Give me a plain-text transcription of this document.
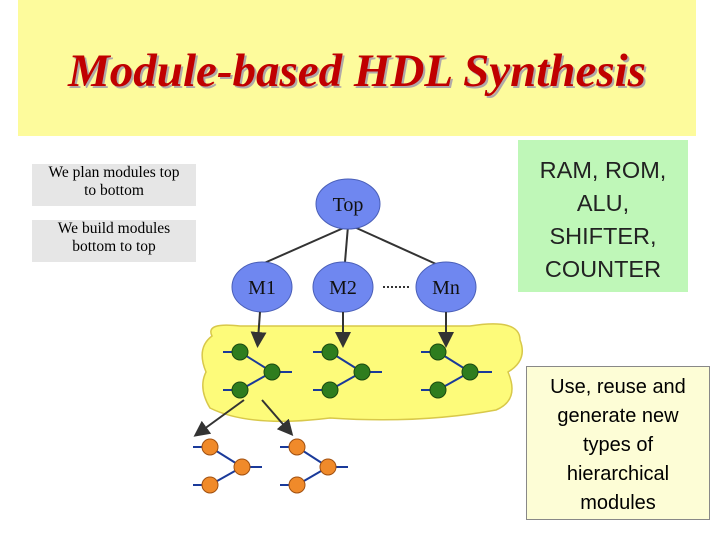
Module-based HDL Synthesis
We plan modules top
to bottom
We build modules
bottom to top
Top
M1	M2	Mn
RAM, ROM,
ALU,
SHIFTER,
COUNTER
Use, reuse and
generate new
types of
hierarchical
modules
